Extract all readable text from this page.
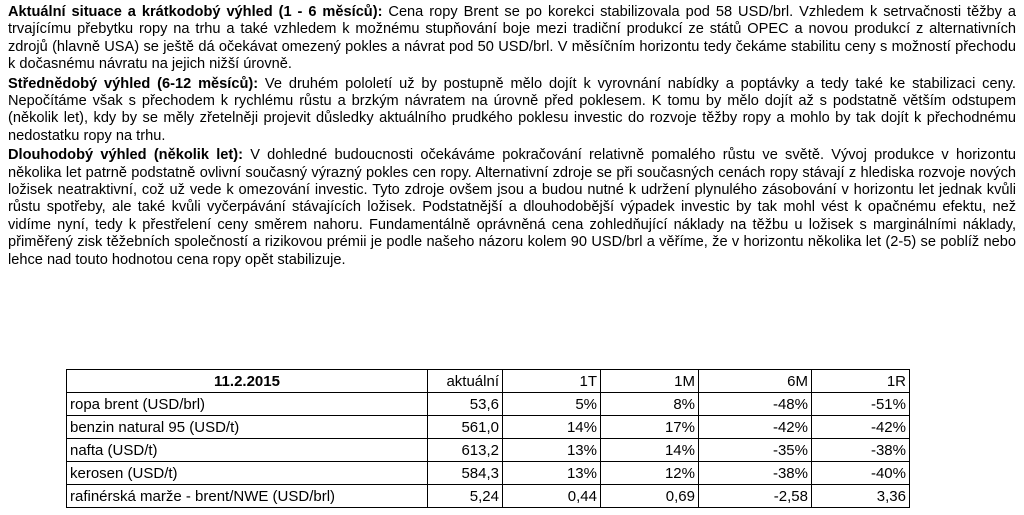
Aktuální situace a krátkodobý výhled (1 - 6 měsíců): Cena ropy Brent se po korekci stabilizovala pod 58 USD/brl. Vzhledem k setrvačnosti těžby a trvajícímu přebytku ropy na trhu a také vzhledem k možnému stupňování boje mezi tradiční produkcí ze států OPEC a novou produkcí z alternativních zdrojů (hlavně USA) se ještě dá očekávat omezený pokles a návrat pod 50 USD/brl. V měsíčním horizontu tedy čekáme stabilitu ceny s možností přechodu k dočasnému návratu na jejich nižší úrovně.

Střednědobý výhled (6-12 měsíců): Ve druhém pololetí už by postupně mělo dojít k vyrovnání nabídky a poptávky a tedy také ke stabilizaci ceny. Nepočítáme však s přechodem k rychlému růstu a brzkým návratem na úrovně před poklesem. K tomu by mělo dojít až s podstatně větším odstupem (několik let), kdy by se měly zřetelněji projevit důsledky aktuálního prudkého poklesu investic do rozvoje těžby ropy a mohlo by tak dojít k přechodnému nedostatku ropy na trhu.

Dlouhodobý výhled (několik let): V dohledné budoucnosti očekáváme pokračování relativně pomalého růstu ve světě. Vývoj produkce v horizontu několika let patrně podstatně ovlivní současný výrazný pokles cen ropy. Alternativní zdroje se při současných cenách ropy stávají z hlediska rozvoje nových ložisek neatraktivní, což už vede k omezování investic. Tyto zdroje ovšem jsou a budou nutné k udržení plynulého zásobování v horizontu let jednak kvůli růstu spotřeby, ale také kvůli vyčerpávání stávajících ložisek. Podstatnější a dlouhodobější výpadek investic by tak mohl vést k opačnému efektu, než vidíme nyní, tedy k přestřelení ceny směrem nahoru. Fundamentálně oprávněná cena zohledňující náklady na těžbu u ložisek s marginálními náklady, přiměřený zisk těžebních společností a rizikovou prémii je podle našeho názoru kolem 90 USD/brl a věříme, že v horizontu několika let (2-5) se poblíž nebo lehce nad touto hodnotou cena ropy opět stabilizuje.

11.2.2015	aktuální	1T	1M	6M	1R
ropa brent (USD/brl)	53,6	5%	8%	-48%	-51%
benzin natural 95 (USD/t)	561,0	14%	17%	-42%	-42%
nafta (USD/t)	613,2	13%	14%	-35%	-38%
kerosen (USD/t)	584,3	13%	12%	-38%	-40%
rafinérská marže - brent/NWE (USD/brl)	5,24	0,44	0,69	-2,58	3,36
